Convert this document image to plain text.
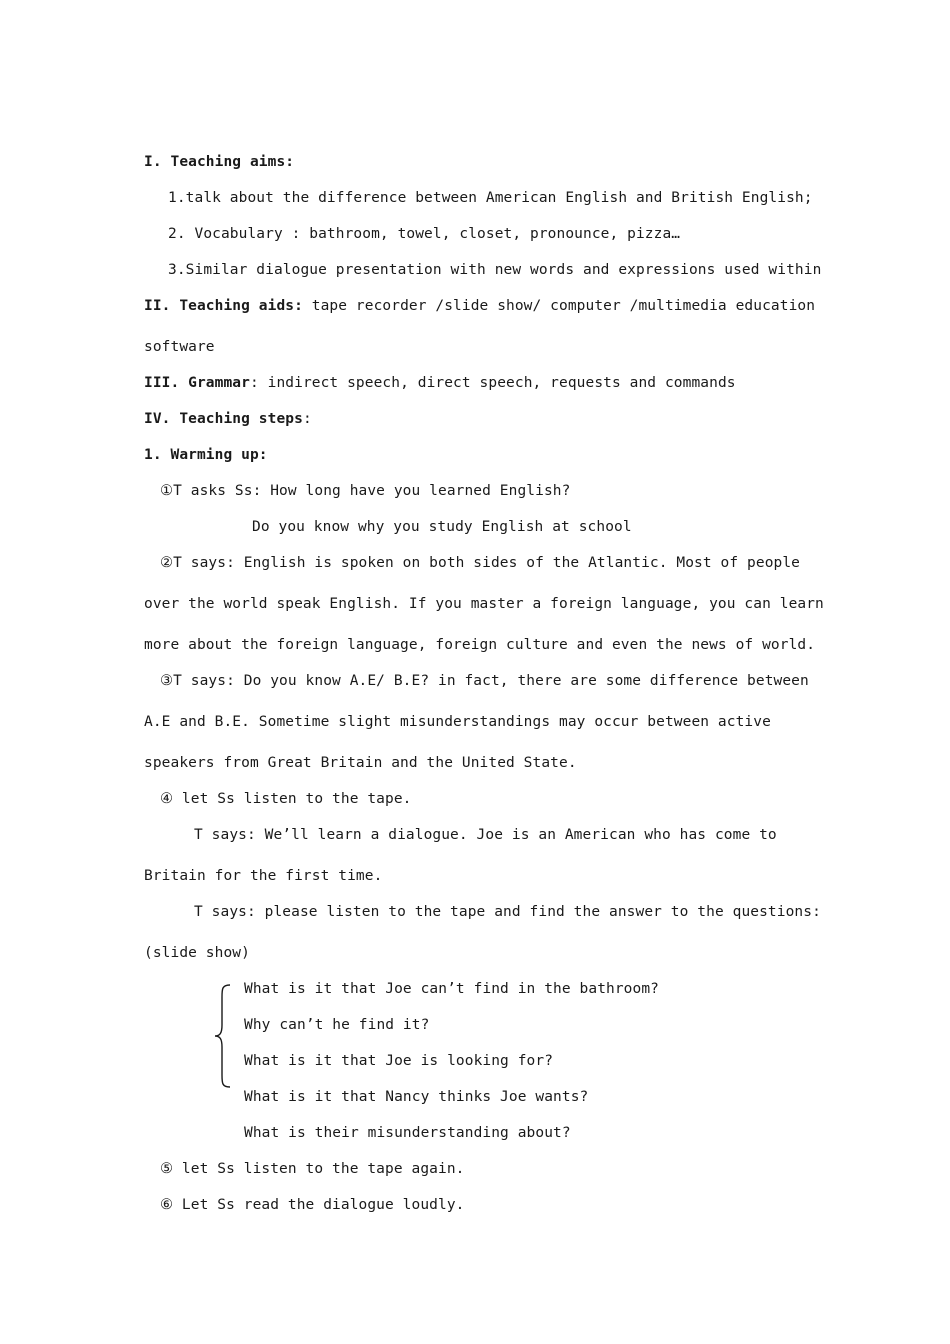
I. Teaching aims:
1.talk about the difference between American English and British English;
2. Vocabulary : bathroom, towel, closet, pronounce, pizza…
3.Similar dialogue presentation with new words and expressions used within
II. Teaching aids: tape recorder /slide show/ computer /multimedia education
software
III. Grammar: indirect speech, direct speech, requests and commands
IV. Teaching steps:
1. Warming up:
①T asks Ss: How long have you learned English?
Do you know why you study English at school
②T says: English is spoken on both sides of the Atlantic. Most of people
over the world speak English. If you master a foreign language, you can learn
more about the foreign language, foreign culture and even the news of world.
③T says: Do you know A.E/ B.E? in fact, there are some difference between
A.E and B.E. Sometime slight misunderstandings may occur between active
speakers from Great Britain and the United State.
④ let Ss listen to the tape.
T says: We’ll learn a dialogue. Joe is an American who has come to
Britain for the first time.
T says: please listen to the tape and find the answer to the questions:
(slide show)
What is it that Joe can’t find in the bathroom?
Why can’t he find it?
What is it that Joe is looking for?
What is it that Nancy thinks Joe wants?
What is their misunderstanding about?
⑤ let Ss listen to the tape again.
⑥ Let Ss read the dialogue loudly.
